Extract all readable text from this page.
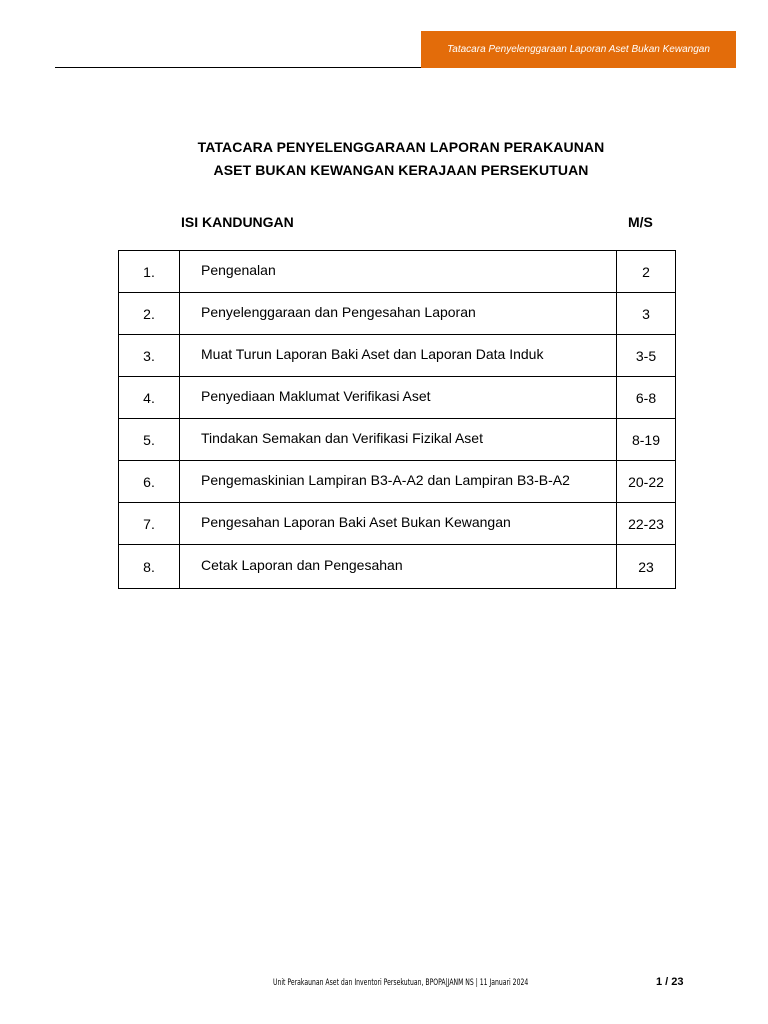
Tatacara Penyelenggaraan Laporan Aset Bukan Kewangan
TATACARA PENYELENGGARAAN LAPORAN PERAKAUNAN
ASET BUKAN KEWANGAN KERAJAAN PERSEKUTUAN
ISI KANDUNGAN	M/S
1.	Pengenalan	2
2.	Penyelenggaraan dan Pengesahan Laporan	3
3.	Muat Turun Laporan Baki Aset dan Laporan Data Induk	3-5
4.	Penyediaan Maklumat Verifikasi Aset	6-8
5.	Tindakan Semakan dan Verifikasi Fizikal Aset	8-19
6.	Pengemaskinian Lampiran B3-A-A2 dan Lampiran B3-B-A2	20-22
7.	Pengesahan Laporan Baki Aset Bukan Kewangan	22-23
8.	Cetak Laporan dan Pengesahan	23
Unit Perakaunan Aset dan Inventori Persekutuan, BPOPA|JANM NS | 11 Januari 2024	1 / 23
